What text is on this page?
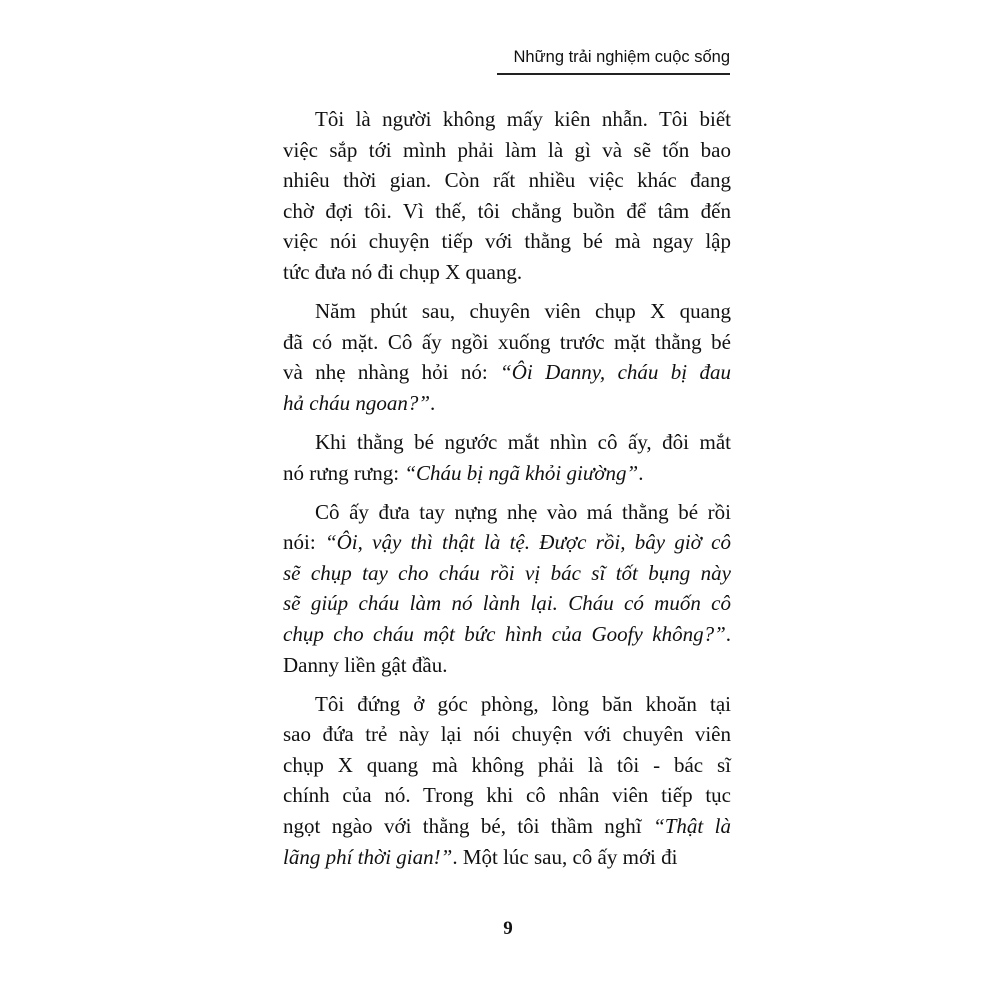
Những trải nghiệm cuộc sống
Tôi là người không mấy kiên nhẫn. Tôi biết
việc sắp tới mình phải làm là gì và sẽ tốn bao
nhiêu thời gian. Còn rất nhiều việc khác đang
chờ đợi tôi. Vì thế, tôi chẳng buồn để tâm đến
việc nói chuyện tiếp với thằng bé mà ngay lập
tức đưa nó đi chụp X quang.
Năm phút sau, chuyên viên chụp X quang
đã có mặt. Cô ấy ngồi xuống trước mặt thằng bé
và nhẹ nhàng hỏi nó: “Ôi Danny, cháu bị đau
hả cháu ngoan?”.
Khi thằng bé ngước mắt nhìn cô ấy, đôi mắt
nó rưng rưng: “Cháu bị ngã khỏi giường”.
Cô ấy đưa tay nựng nhẹ vào má thằng bé rồi
nói: “Ôi, vậy thì thật là tệ. Được rồi, bây giờ cô
sẽ chụp tay cho cháu rồi vị bác sĩ tốt bụng này
sẽ giúp cháu làm nó lành lại. Cháu có muốn cô
chụp cho cháu một bức hình của Goofy không?”.
Danny liền gật đầu.
Tôi đứng ở góc phòng, lòng băn khoăn tại
sao đứa trẻ này lại nói chuyện với chuyên viên
chụp X quang mà không phải là tôi - bác sĩ
chính của nó. Trong khi cô nhân viên tiếp tục
ngọt ngào với thằng bé, tôi thầm nghĩ “Thật là
lãng phí thời gian!”. Một lúc sau, cô ấy mới đi
9
